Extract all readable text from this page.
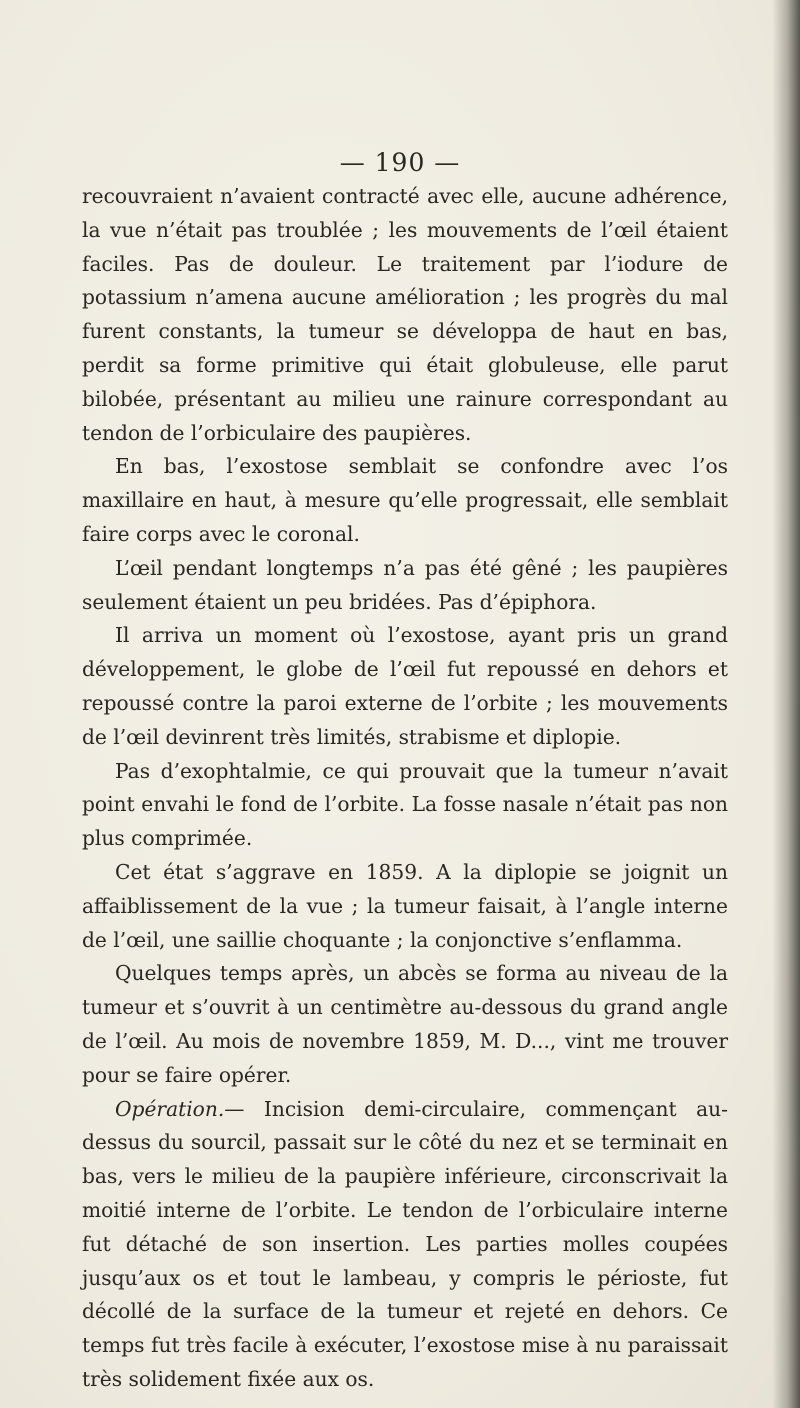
— 190 —

recouvraient n’avaient contracté avec elle, aucune adhérence, la vue n’était pas troublée ; les mouvements de l’œil étaient faciles. Pas de douleur. Le traitement par l’iodure de potassium n’amena aucune amélioration ; les progrès du mal furent constants, la tumeur se développa de haut en bas, perdit sa forme primitive qui était globuleuse, elle parut bilobée, présentant au milieu une rainure correspondant au tendon de l’orbiculaire des paupières.

En bas, l’exostose semblait se confondre avec l’os maxillaire en haut, à mesure qu’elle progressait, elle semblait faire corps avec le coronal.

L’œil pendant longtemps n’a pas été gêné ; les paupières seulement étaient un peu bridées. Pas d’épiphora.

Il arriva un moment où l’exostose, ayant pris un grand développement, le globe de l’œil fut repoussé en dehors et repoussé contre la paroi externe de l’orbite ; les mouvements de l’œil devinrent très limités, strabisme et diplopie.

Pas d’exophtalmie, ce qui prouvait que la tumeur n’avait point envahi le fond de l’orbite. La fosse nasale n’était pas non plus comprimée.

Cet état s’aggrave en 1859. A la diplopie se joignit un affaiblissement de la vue ; la tumeur faisait, à l’angle interne de l’œil, une saillie choquante ; la conjonctive s’enflamma.

Quelques temps après, un abcès se forma au niveau de la tumeur et s’ouvrit à un centimètre au-dessous du grand angle de l’œil. Au mois de novembre 1859, M. D..., vint me trouver pour se faire opérer.

Opération.— Incision demi-circulaire, commençant au-dessus du sourcil, passait sur le côté du nez et se terminait en bas, vers le milieu de la paupière inférieure, circonscrivait la moitié interne de l’orbite. Le tendon de l’orbiculaire interne fut détaché de son insertion. Les parties molles coupées jusqu’aux os et tout le lambeau, y compris le périoste, fut décollé de la surface de la tumeur et rejeté en dehors. Ce temps fut très facile à exécuter, l’exostose mise à nu paraissait très solidement fixée aux os.
